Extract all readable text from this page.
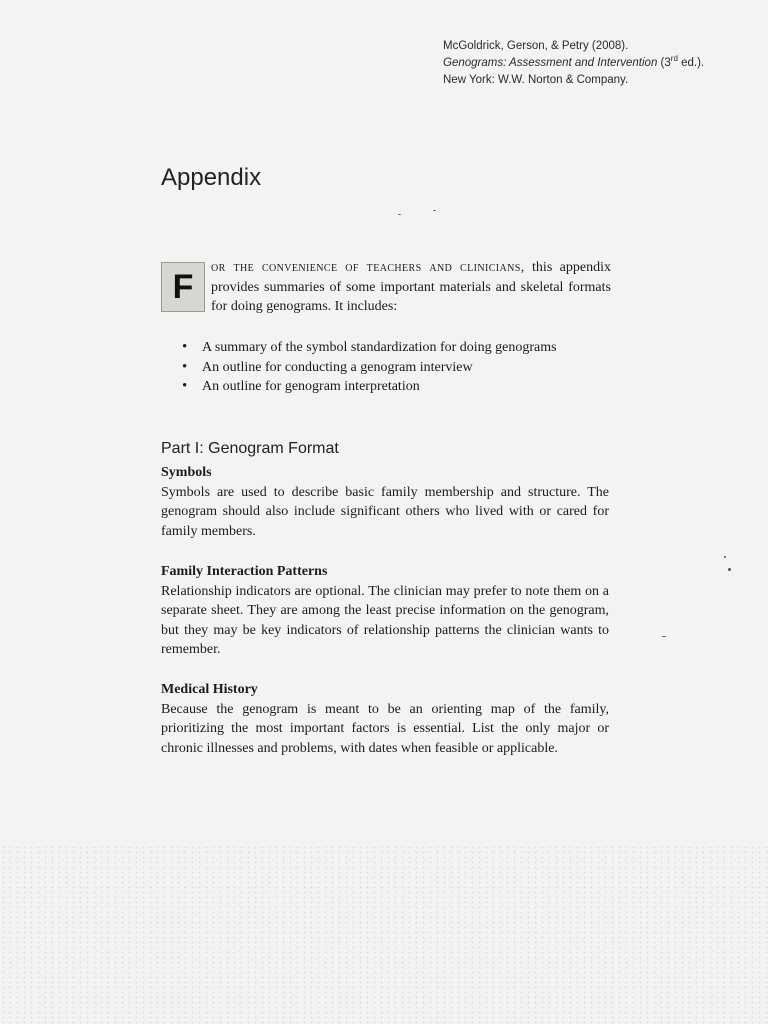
McGoldrick, Gerson, & Petry (2008).
Genograms: Assessment and Intervention (3rd ed.).
New York: W.W. Norton & Company.
Appendix
F	or the convenience of teachers and clinicians, this appendix provides summaries of some important materials and skeletal formats for doing genograms. It includes:
• A summary of the symbol standardization for doing genograms
• An outline for conducting a genogram interview
• An outline for genogram interpretation
Part I: Genogram Format
Symbols

Symbols are used to describe basic family membership and structure. The genogram should also include significant others who lived with or cared for family members.

Family Interaction Patterns

Relationship indicators are optional. The clinician may prefer to note them on a separate sheet. They are among the least precise information on the genogram, but they may be key indicators of relationship patterns the clinician wants to remember.

Medical History

Because the genogram is meant to be an orienting map of the family, prioritizing the most important factors is essential. List the only major or chronic illnesses and problems, with dates when feasible or applicable.
